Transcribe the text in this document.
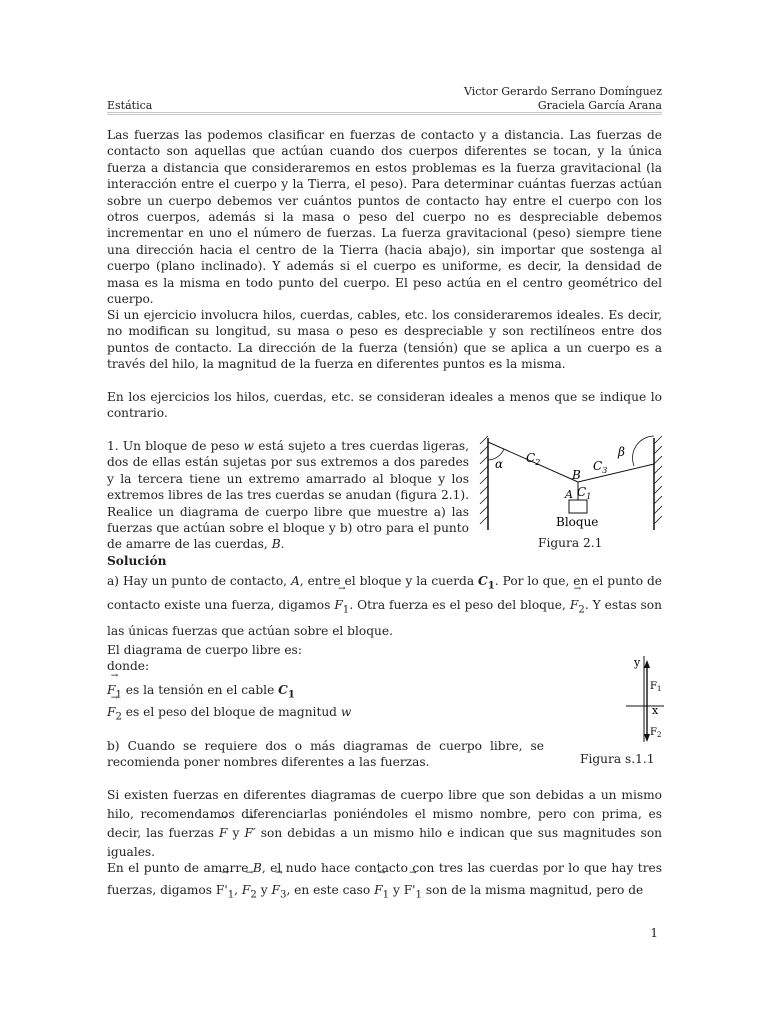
Victor Gerardo Serrano Domínguez
Estática	Graciela García Arana
Las fuerzas las podemos clasificar en fuerzas de contacto y a distancia. Las fuerzas de contacto son aquellas que actúan cuando dos cuerpos diferentes se tocan, y la única fuerza a distancia que consideraremos en estos problemas es la fuerza gravitacional (la interacción entre el cuerpo y la Tierra, el peso). Para determinar cuántas fuerzas actúan sobre un cuerpo debemos ver cuántos puntos de contacto hay entre el cuerpo con los otros cuerpos, además si la masa o peso del cuerpo no es despreciable debemos incrementar en uno el número de fuerzas. La fuerza gravitacional (peso) siempre tiene una dirección hacia el centro de la Tierra (hacia abajo), sin importar que sostenga al cuerpo (plano inclinado). Y además si el cuerpo es uniforme, es decir, la densidad de masa es la misma en todo punto del cuerpo. El peso actúa en el centro geométrico del cuerpo.
Si un ejercicio involucra hilos, cuerdas, cables, etc. los consideraremos ideales. Es decir, no modifican su longitud, su masa o peso es despreciable y son rectilíneos entre dos puntos de contacto. La dirección de la fuerza (tensión) que se aplica a un cuerpo es a través del hilo, la magnitud de la fuerza en diferentes puntos es la misma.
En los ejercicios los hilos, cuerdas, etc. se consideran ideales a menos que se indique lo contrario.
1. Un bloque de peso w está sujeto a tres cuerdas ligeras, dos de ellas están sujetas por sus extremos a dos paredes y la tercera tiene un extremo amarrado al bloque y los extremos libres de las tres cuerdas se anudan (figura 2.1). Realice un diagrama de cuerpo libre que muestre a) las fuerzas que actúan sobre el bloque y b) otro para el punto de amarre de las cuerdas, B.
α
β
$C_2$	$C_3$
B
A $C_1$
Bloque
Figura 2.1
Solución
a) Hay un punto de contacto, A, entre el bloque y la cuerda $C_1$. Por lo que, en el punto de contacto existe una fuerza, digamos → $F_1$. Otra fuerza es el peso del bloque, → $F_2$. Y estas son las únicas fuerzas que actúan sobre el bloque.
El diagrama de cuerpo libre es:
donde:
→ $F_1$ es la tensión en el cable $C_1$
→ $F_2$ es el peso del bloque de magnitud w
y
x
$F_1$
$F_2$
b) Cuando se requiere dos o más diagramas de cuerpo libre, se recomienda poner nombres diferentes a las fuerzas.	Figura s.1.1
Si existen fuerzas en diferentes diagramas de cuerpo libre que son debidas a un mismo hilo, recomendamos diferenciarlas poniéndoles el mismo nombre, pero con prima, es decir, las fuerzas → F y → F′ son debidas a un mismo hilo e indican que sus magnitudes son iguales.
En el punto de amarre B, el nudo hace contacto con tres las cuerdas por lo que hay tres fuerzas, digamos → $F'_1$, → $F_2$ $y \to F_3$, en este caso → $F_1$ $y \to F'_1$ son de la misma magnitud, pero de
1
